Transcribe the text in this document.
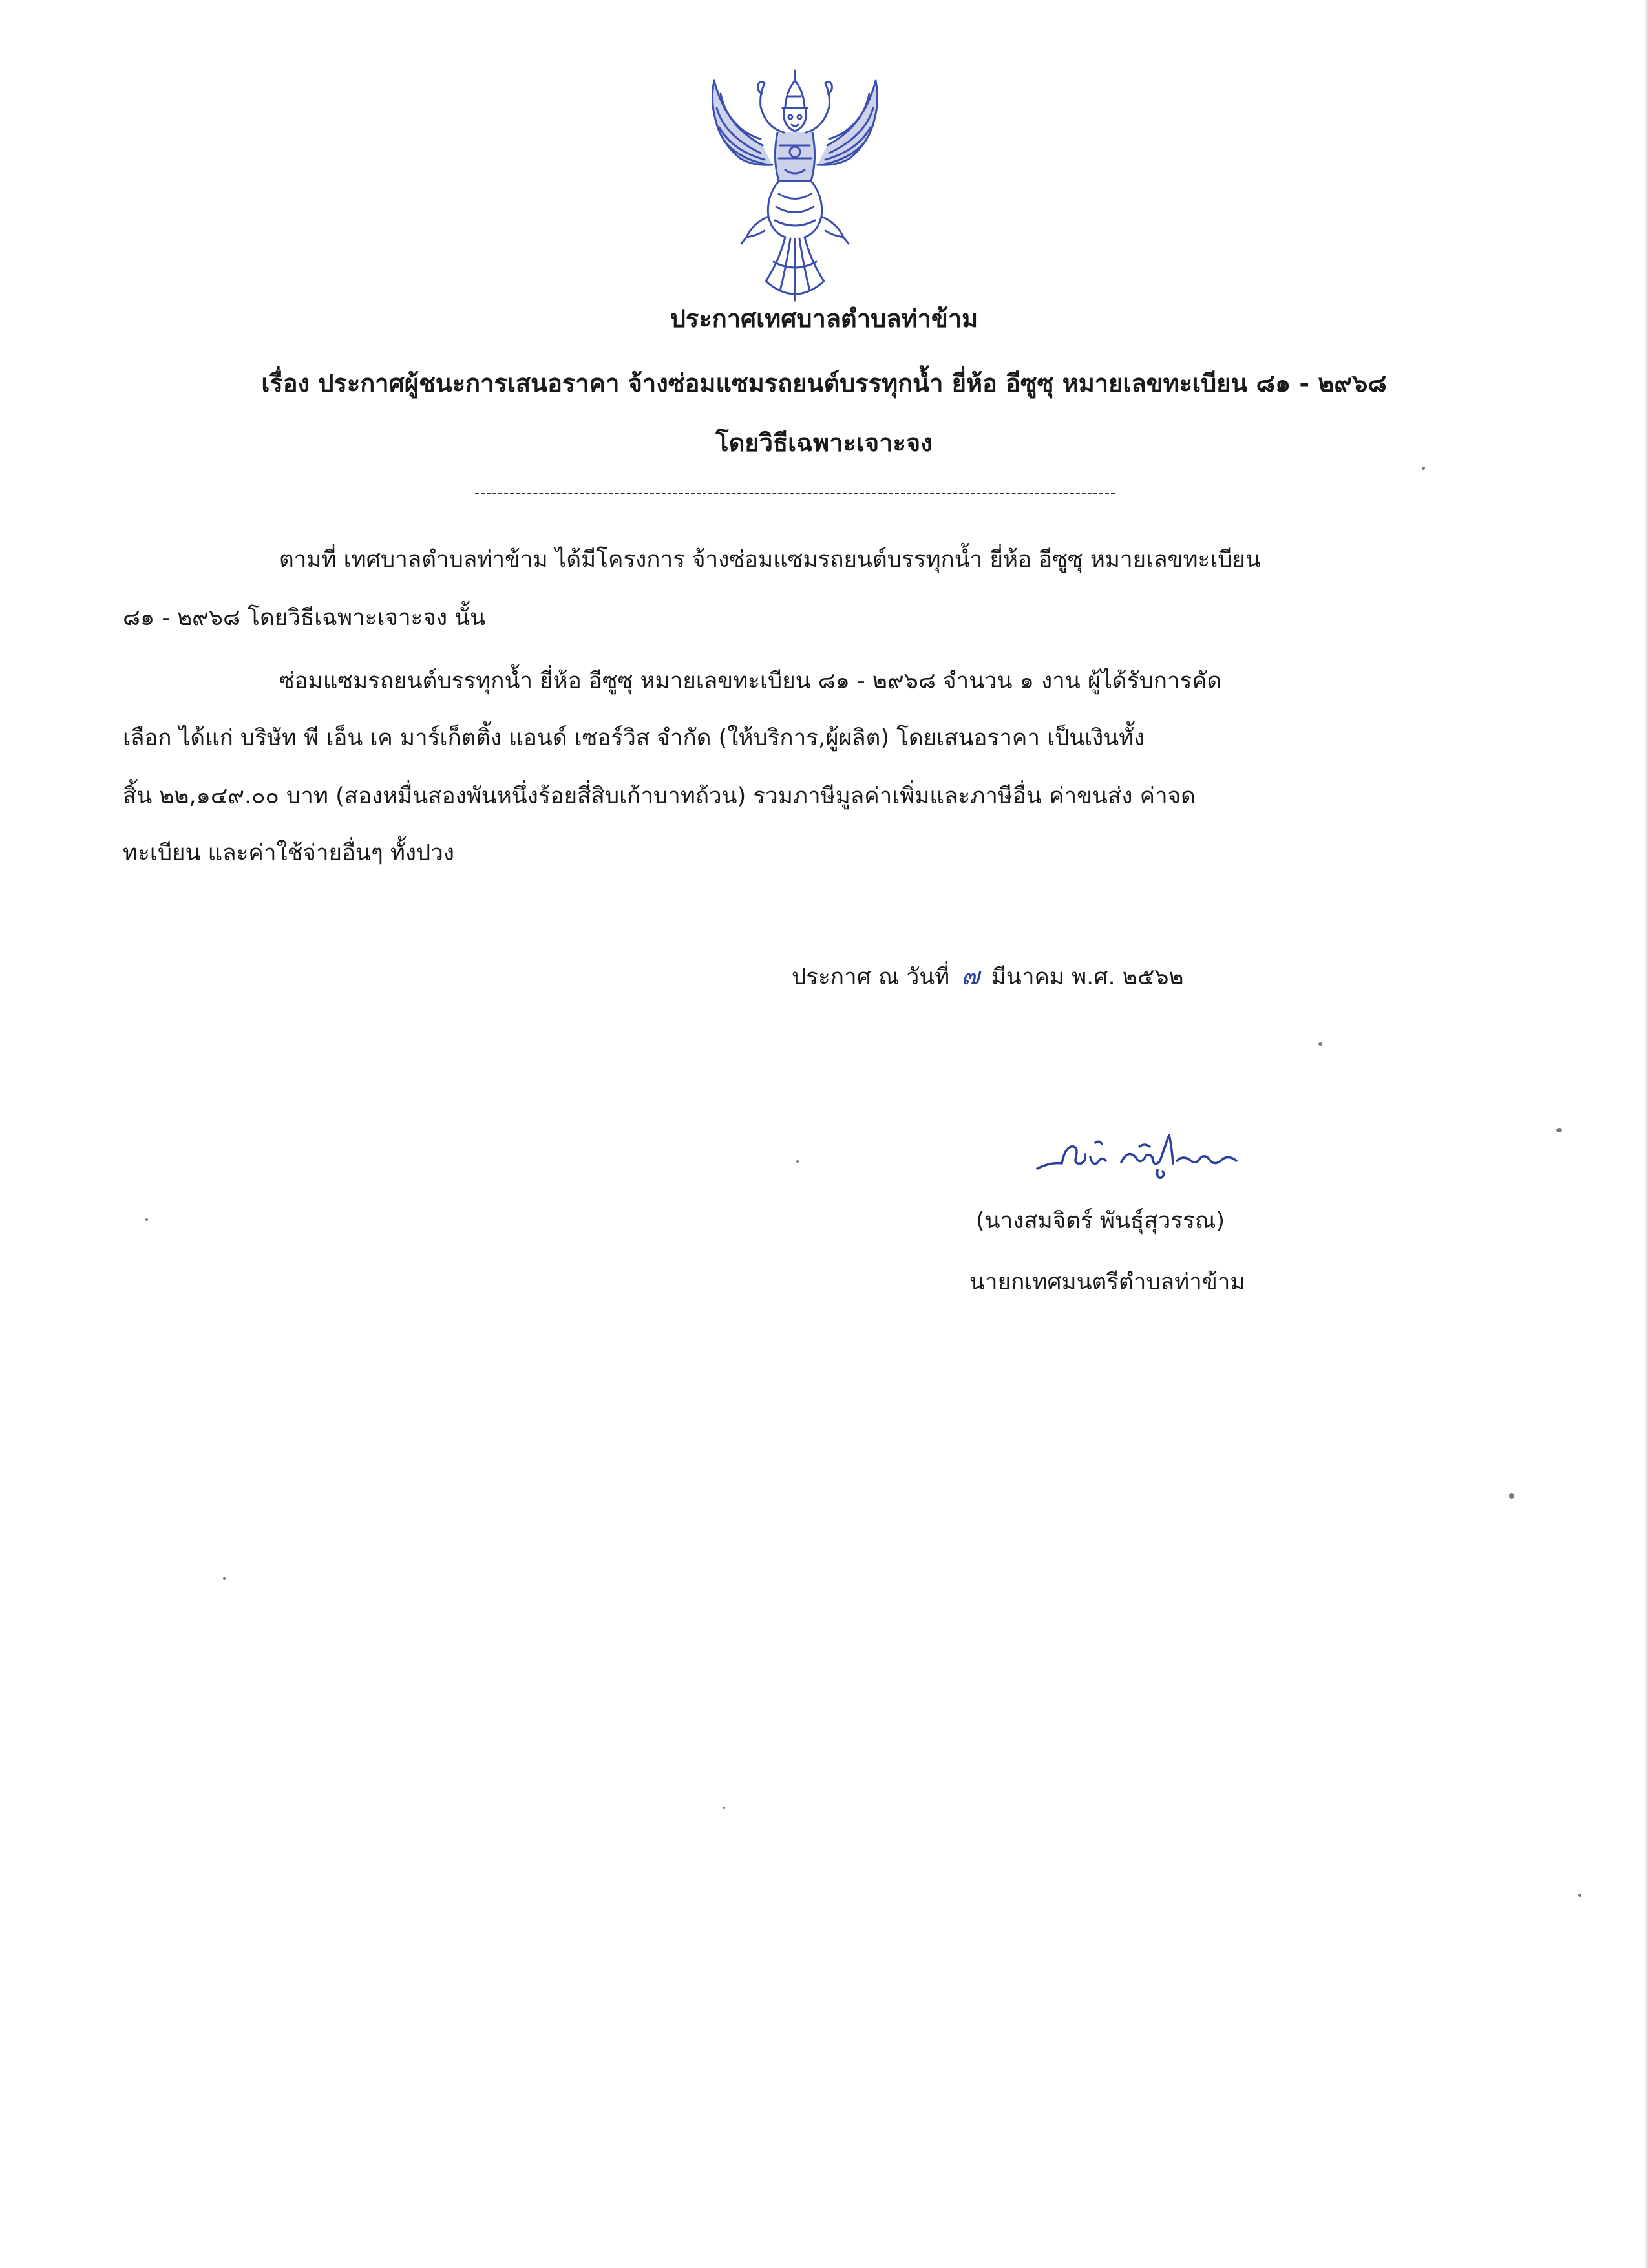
ประกาศเทศบาลตำบลท่าข้าม
เรื่อง ประกาศผู้ชนะการเสนอราคา จ้างซ่อมแซมรถยนต์บรรทุกน้ำ ยี่ห้อ อีซูซุ หมายเลขทะเบียน ๘๑ - ๒๙๖๘
โดยวิธีเฉพาะเจาะจง
ตามที่ เทศบาลตำบลท่าข้าม ได้มีโครงการ จ้างซ่อมแซมรถยนต์บรรทุกน้ำ ยี่ห้อ อีซูซุ หมายเลขทะเบียน
๘๑ - ๒๙๖๘ โดยวิธีเฉพาะเจาะจง นั้น
ซ่อมแซมรถยนต์บรรทุกน้ำ ยี่ห้อ อีซูซุ หมายเลขทะเบียน ๘๑ - ๒๙๖๘ จำนวน ๑ งาน ผู้ได้รับการคัด
เลือก ได้แก่ บริษัท พี เอ็น เค มาร์เก็ตติ้ง แอนด์ เซอร์วิส จำกัด (ให้บริการ,ผู้ผลิต) โดยเสนอราคา เป็นเงินทั้ง
สิ้น ๒๒,๑๔๙.๐๐ บาท (สองหมื่นสองพันหนึ่งร้อยสี่สิบเก้าบาทถ้วน) รวมภาษีมูลค่าเพิ่มและภาษีอื่น ค่าขนส่ง ค่าจด
ทะเบียน และค่าใช้จ่ายอื่นๆ ทั้งปวง
ประกาศ ณ วันที่ ๗ มีนาคม พ.ศ. ๒๕๖๒
(นางสมจิตร์ พันธุ์สุวรรณ)
นายกเทศมนตรีตำบลท่าข้าม
